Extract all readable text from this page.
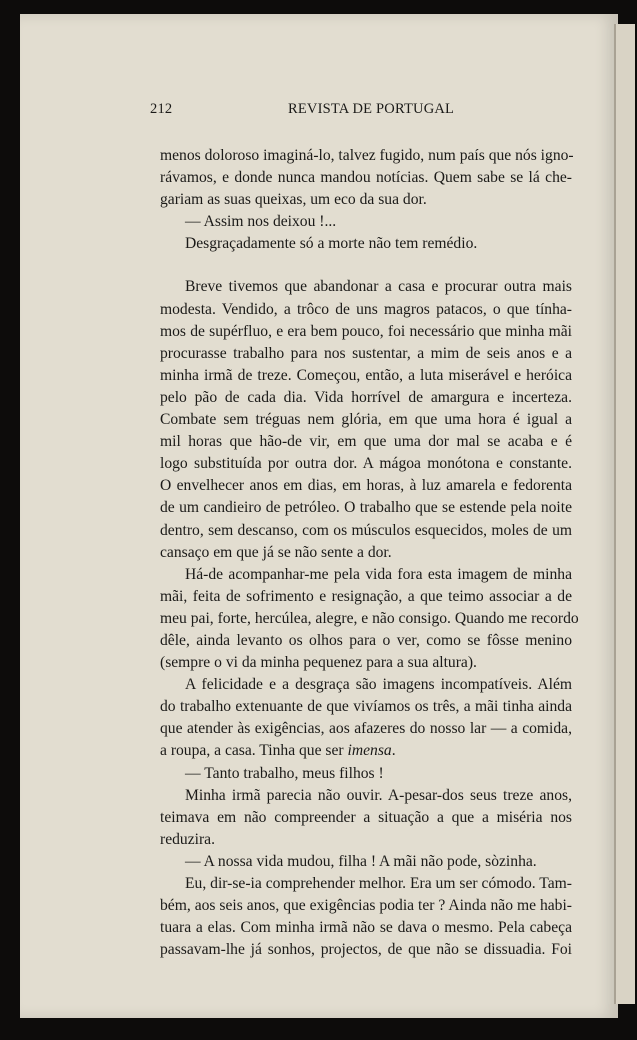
212	REVISTA DE PORTUGAL

menos doloroso imaginá-lo, talvez fugido, num país que nós igno-
rávamos, e donde nunca mandou notícias. Quem sabe se lá che-
gariam as suas queixas, um eco da sua dor.

— Assim nos deixou !...

Desgraçadamente só a morte não tem remédio.

Breve tivemos que abandonar a casa e procurar outra mais
modesta. Vendido, a trôco de uns magros patacos, o que tínha-
mos de supérfluo, e era bem pouco, foi necessário que minha mãi
procurasse trabalho para nos sustentar, a mim de seis anos e a
minha irmã de treze. Começou, então, a luta miserável e heróica
pelo pão de cada dia. Vida horrível de amargura e incerteza.
Combate sem tréguas nem glória, em que uma hora é igual a
mil horas que hão-de vir, em que uma dor mal se acaba e é
logo substituída por outra dor. A mágoa monótona e constante.
O envelhecer anos em dias, em horas, à luz amarela e fedorenta
de um candieiro de petróleo. O trabalho que se estende pela noite
dentro, sem descanso, com os músculos esquecidos, moles de um
cansaço em que já se não sente a dor.

Há-de acompanhar-me pela vida fora esta imagem de minha
mãi, feita de sofrimento e resignação, a que teimo associar a de
meu pai, forte, hercúlea, alegre, e não consigo. Quando me recordo
dêle, ainda levanto os olhos para o ver, como se fôsse menino
(sempre o vi da minha pequenez para a sua altura).

A felicidade e a desgraça são imagens incompatíveis. Além
do trabalho extenuante de que vivíamos os três, a mãi tinha ainda
que atender às exigências, aos afazeres do nosso lar — a comida,
a roupa, a casa. Tinha que ser imensa.

— Tanto trabalho, meus filhos !

Minha irmã parecia não ouvir. A-pesar-dos seus treze anos,
teimava em não compreender a situação a que a miséria nos
reduzira.

— A nossa vida mudou, filha ! A mãi não pode, sòzinha.

Eu, dir-se-ia comprehender melhor. Era um ser cómodo. Tam-
bém, aos seis anos, que exigências podia ter ? Ainda não me habi-
tuara a elas. Com minha irmã não se dava o mesmo. Pela cabeça
passavam-lhe já sonhos, projectos, de que não se dissuadia. Foi
